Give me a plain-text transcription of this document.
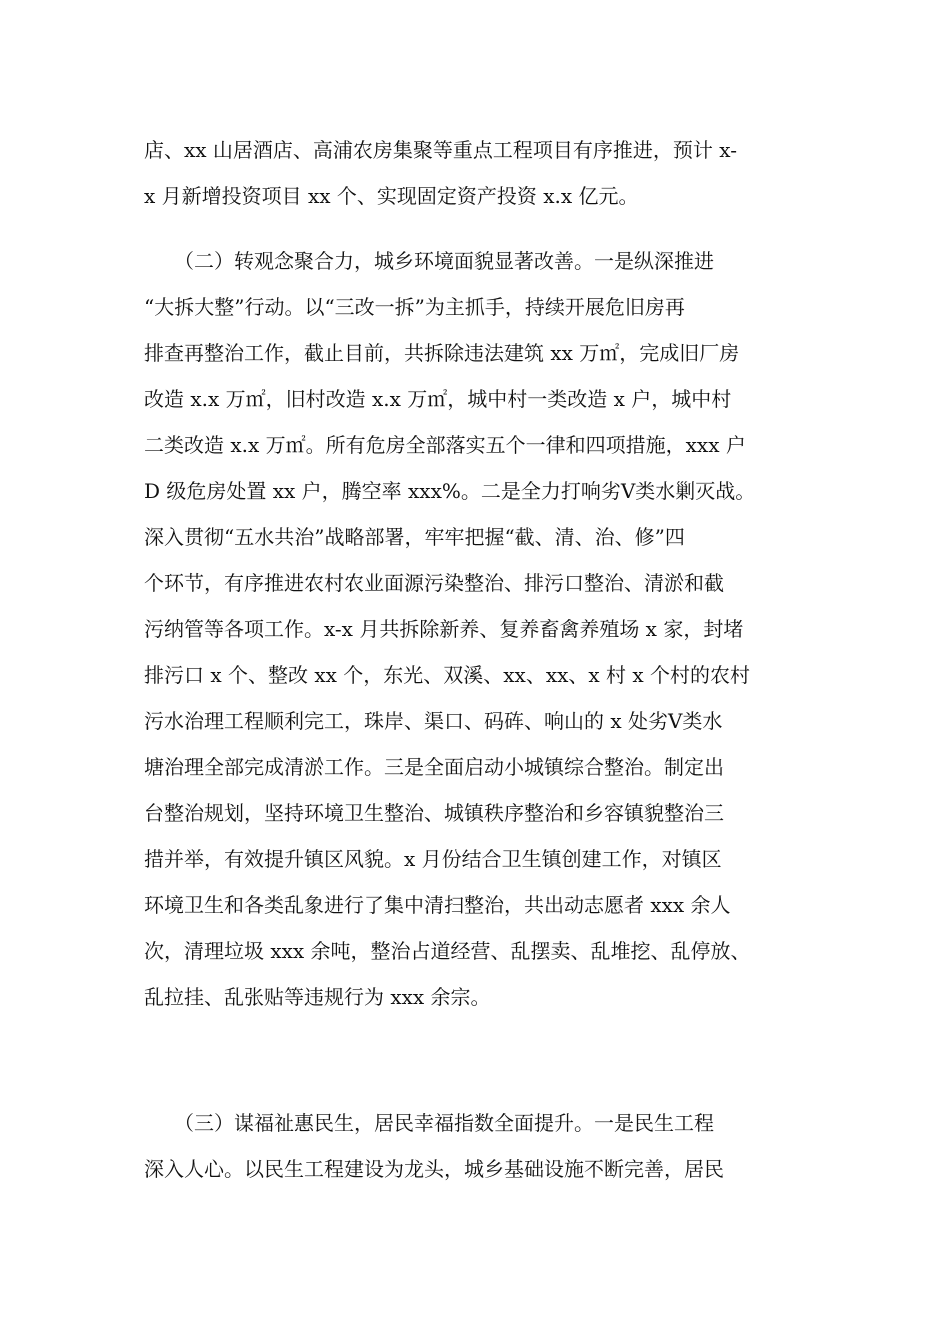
店、xx 山居酒店、高浦农房集聚等重点工程项目有序推进，预计 x-
x 月新增投资项目 xx 个、实现固定资产投资 x.x 亿元。
　　（二）转观念聚合力，城乡环境面貌显著改善。一是纵深推进
“大拆大整”行动。以“三改一拆”为主抓手，持续开展危旧房再
排查再整治工作，截止目前，共拆除违法建筑 xx 万㎡，完成旧厂房
改造 x.x 万㎡，旧村改造 x.x 万㎡，城中村一类改造 x 户，城中村
二类改造 x.x 万㎡。所有危房全部落实五个一律和四项措施，xxx 户
D 级危房处置 xx 户，腾空率 xxx%。二是全力打响劣Ⅴ类水剿灭战。
深入贯彻“五水共治”战略部署，牢牢把握“截、清、治、修”四
个环节，有序推进农村农业面源污染整治、排污口整治、清淤和截
污纳管等各项工作。x-x 月共拆除新养、复养畜禽养殖场 x 家，封堵
排污口 x 个、整改 xx 个，东光、双溪、xx、xx、x 村 x 个村的农村
污水治理工程顺利完工，珠岸、渠口、码砗、响山的 x 处劣Ⅴ类水
塘治理全部完成清淤工作。三是全面启动小城镇综合整治。制定出
台整治规划，坚持环境卫生整治、城镇秩序整治和乡容镇貌整治三
措并举，有效提升镇区风貌。x 月份结合卫生镇创建工作，对镇区
环境卫生和各类乱象进行了集中清扫整治，共出动志愿者 xxx 余人
次，清理垃圾 xxx 余吨，整治占道经营、乱摆卖、乱堆挖、乱停放、
乱拉挂、乱张贴等违规行为 xxx 余宗。
　　（三）谋福祉惠民生，居民幸福指数全面提升。一是民生工程
深入人心。以民生工程建设为龙头，城乡基础设施不断完善，居民
